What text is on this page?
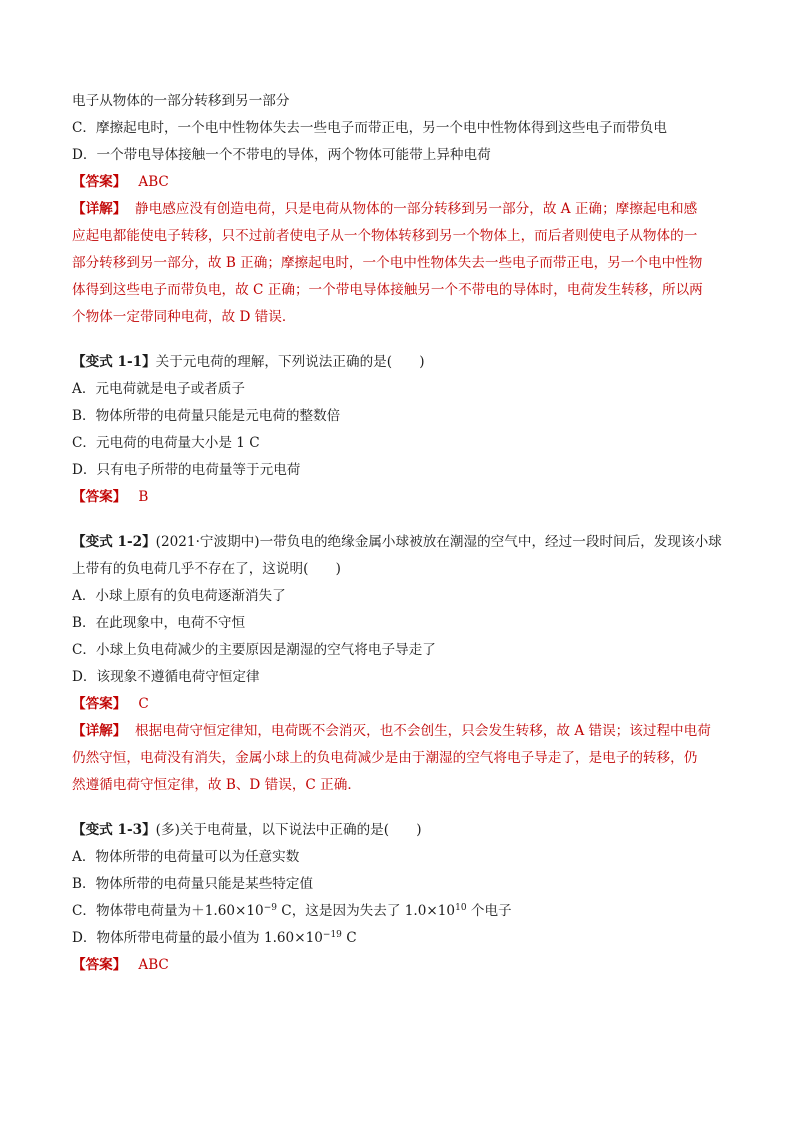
电子从物体的一部分转移到另一部分
C．摩擦起电时，一个电中性物体失去一些电子而带正电，另一个电中性物体得到这些电子而带负电
D．一个带电导体接触一个不带电的导体，两个物体可能带上异种电荷
【答案】 ABC
【详解】 静电感应没有创造电荷，只是电荷从物体的一部分转移到另一部分，故 A 正确；摩擦起电和感
应起电都能使电子转移，只不过前者使电子从一个物体转移到另一个物体上，而后者则使电子从物体的一
部分转移到另一部分，故 B 正确；摩擦起电时，一个电中性物体失去一些电子而带正电，另一个电中性物
体得到这些电子而带负电，故 C 正确；一个带电导体接触另一个不带电的导体时，电荷发生转移，所以两
个物体一定带同种电荷，故 D 错误．
【变式 1-1】关于元电荷的理解，下列说法正确的是(　　)
A．元电荷就是电子或者质子
B．物体所带的电荷量只能是元电荷的整数倍
C．元电荷的电荷量大小是 1 C
D．只有电子所带的电荷量等于元电荷
【答案】 B
【变式 1-2】(2021·宁波期中)一带负电的绝缘金属小球被放在潮湿的空气中，经过一段时间后，发现该小球
上带有的负电荷几乎不存在了，这说明(　　)
A．小球上原有的负电荷逐渐消失了
B．在此现象中，电荷不守恒
C．小球上负电荷减少的主要原因是潮湿的空气将电子导走了
D．该现象不遵循电荷守恒定律
【答案】 C
【详解】 根据电荷守恒定律知，电荷既不会消灭，也不会创生，只会发生转移，故 A 错误；该过程中电荷
仍然守恒，电荷没有消失，金属小球上的负电荷减少是由于潮湿的空气将电子导走了，是电子的转移，仍
然遵循电荷守恒定律，故 B、D 错误，C 正确．
【变式 1-3】(多)关于电荷量，以下说法中正确的是(　　)
A．物体所带的电荷量可以为任意实数
B．物体所带的电荷量只能是某些特定值
C．物体带电荷量为$+1.60\times 10^{-9}$ C，这是因为失去了 $1.0\times 10^{10}$ 个电子
D．物体所带电荷量的最小值为 $1.60\times 10^{-19}$ C
【答案】 ABC
